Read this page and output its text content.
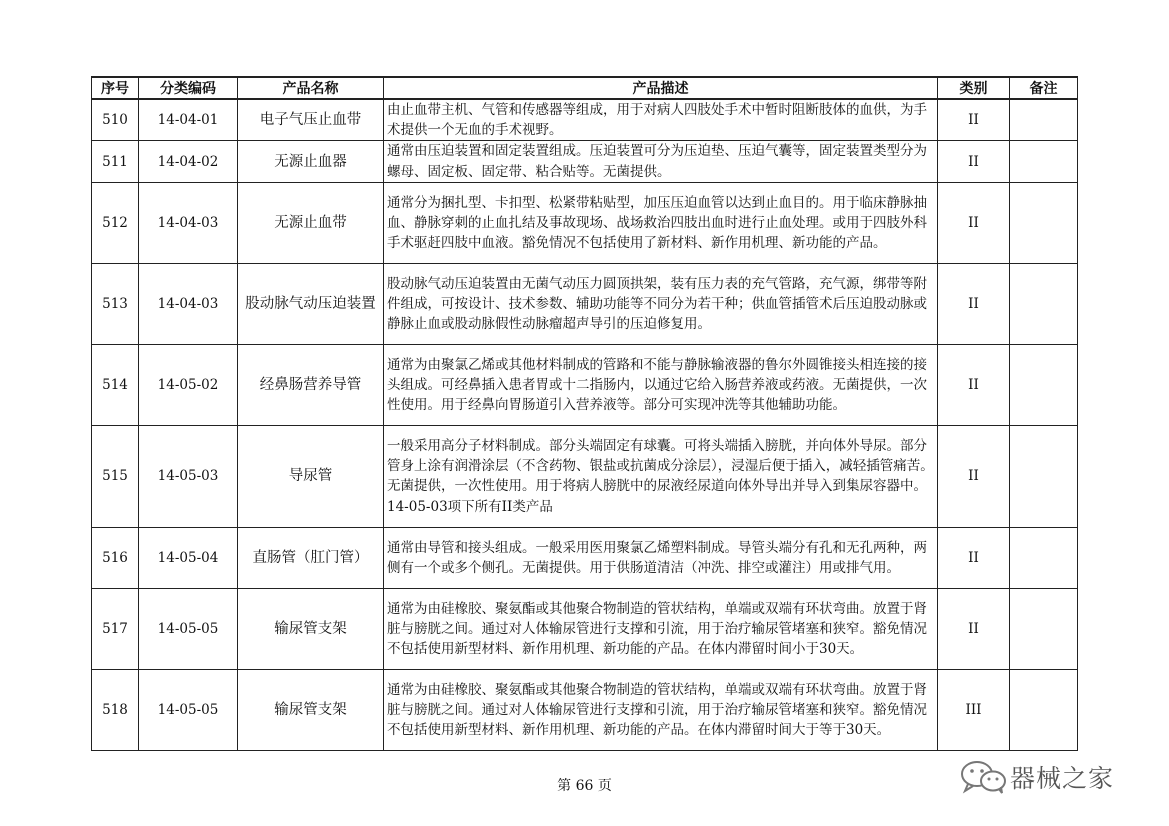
序号	分类编码	产品名称	产品描述	类别	备注
510	14-04-01	电子气压止血带	由止血带主机、气管和传感器等组成，用于对病人四肢处手术中暂时阻断肢体的血供，为手术提供一个无血的手术视野。	II	
511	14-04-02	无源止血器	通常由压迫装置和固定装置组成。压迫装置可分为压迫垫、压迫气囊等，固定装置类型分为螺母、固定板、固定带、粘合贴等。无菌提供。	II	
512	14-04-03	无源止血带	通常分为捆扎型、卡扣型、松紧带粘贴型，加压压迫血管以达到止血目的。用于临床静脉抽血、静脉穿刺的止血扎结及事故现场、战场救治四肢出血时进行止血处理。或用于四肢外科手术驱赶四肢中血液。豁免情况不包括使用了新材料、新作用机理、新功能的产品。	II	
513	14-04-03	股动脉气动压迫装置	股动脉气动压迫装置由无菌气动压力圆顶拱架，装有压力表的充气管路，充气源，绑带等附件组成，可按设计、技术参数、辅助功能等不同分为若干种；供血管插管术后压迫股动脉或静脉止血或股动脉假性动脉瘤超声导引的压迫修复用。	II	
514	14-05-02	经鼻肠营养导管	通常为由聚氯乙烯或其他材料制成的管路和不能与静脉输液器的鲁尔外圆锥接头相连接的接头组成。可经鼻插入患者胃或十二指肠内，以通过它给入肠营养液或药液。无菌提供，一次性使用。用于经鼻向胃肠道引入营养液等。部分可实现冲洗等其他辅助功能。	II	
515	14-05-03	导尿管	一般采用高分子材料制成。部分头端固定有球囊。可将头端插入膀胱，并向体外导尿。部分管身上涂有润滑涂层（不含药物、银盐或抗菌成分涂层），浸湿后便于插入，减轻插管痛苦。无菌提供，一次性使用。用于将病人膀胱中的尿液经尿道向体外导出并导入到集尿容器中。14-05-03项下所有II类产品	II	
516	14-05-04	直肠管（肛门管）	通常由导管和接头组成。一般采用医用聚氯乙烯塑料制成。导管头端分有孔和无孔两种，两侧有一个或多个侧孔。无菌提供。用于供肠道清洁（冲洗、排空或灌注）用或排气用。	II	
517	14-05-05	输尿管支架	通常为由硅橡胶、聚氨酯或其他聚合物制造的管状结构，单端或双端有环状弯曲。放置于肾脏与膀胱之间。通过对人体输尿管进行支撑和引流，用于治疗输尿管堵塞和狭窄。豁免情况不包括使用新型材料、新作用机理、新功能的产品。在体内滞留时间小于30天。	II	
518	14-05-05	输尿管支架	通常为由硅橡胶、聚氨酯或其他聚合物制造的管状结构，单端或双端有环状弯曲。放置于肾脏与膀胱之间。通过对人体输尿管进行支撑和引流，用于治疗输尿管堵塞和狭窄。豁免情况不包括使用新型材料、新作用机理、新功能的产品。在体内滞留时间大于等于30天。	III	
第 66 页	器械之家
